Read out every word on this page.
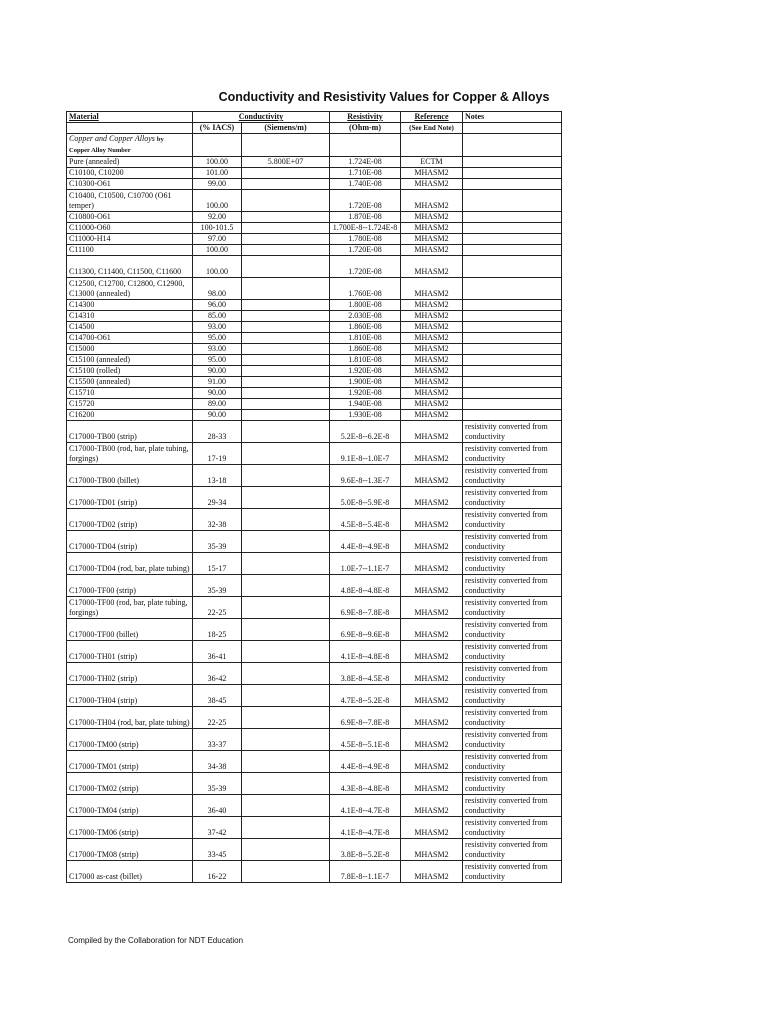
Conductivity and Resistivity Values for Copper & Alloys
Material	Conductivity		Resistivity	Reference	Notes
	(% IACS)	(Siemens/m)	(Ohm-m)	(See End Note)	
Copper and Copper Alloys by
Copper Alloy Number					
Pure (annealed)	100.00	5.800E+07	1.724E-08	ECTM	
C10100, C10200	101.00		1.710E-08	MHASM2	
C10300-O61	99.00		1.740E-08	MHASM2	
C10400, C10500, C10700 (O61 temper)	100.00		1.720E-08	MHASM2	
C10800-O61	92.00		1.870E-08	MHASM2	
C11000-O60	100-101.5		1.700E-8--1.724E-8	MHASM2	
C11000-H14	97.00		1.780E-08	MHASM2	
C11100	100.00		1.720E-08	MHASM2	
C11300, C11400, C11500, C11600	100.00		1.720E-08	MHASM2	
C12500, C12700, C12800, C12900, C13000 (annealed)	98.00		1.760E-08	MHASM2	
C14300	96.00		1.800E-08	MHASM2	
C14310	85.00		2.030E-08	MHASM2	
C14500	93.00		1.860E-08	MHASM2	
C14700-O61	95.00		1.810E-08	MHASM2	
C15000	93.00		1.860E-08	MHASM2	
C15100 (annealed)	95.00		1.810E-08	MHASM2	
C15100 (rolled)	90.00		1.920E-08	MHASM2	
C15500 (annealed)	91.00		1.900E-08	MHASM2	
C15710	90.00		1.920E-08	MHASM2	
C15720	89.00		1.940E-08	MHASM2	
C16200	90.00		1.930E-08	MHASM2	
C17000-TB00 (strip)	28-33		5.2E-8--6.2E-8	MHASM2	resistivity converted from conductivity
C17000-TB00 (rod, bar, plate tubing, forgings)	17-19		9.1E-8--1.0E-7	MHASM2	resistivity converted from conductivity
C17000-TB00 (billet)	13-18		9.6E-8--1.3E-7	MHASM2	resistivity converted from conductivity
C17000-TD01 (strip)	29-34		5.0E-8--5.9E-8	MHASM2	resistivity converted from conductivity
C17000-TD02 (strip)	32-38		4.5E-8--5.4E-8	MHASM2	resistivity converted from conductivity
C17000-TD04 (strip)	35-39		4.4E-8--4.9E-8	MHASM2	resistivity converted from conductivity
C17000-TD04 (rod, bar, plate tubing)	15-17		1.0E-7--1.1E-7	MHASM2	resistivity converted from conductivity
C17000-TF00 (strip)	35-39		4.8E-8--4.8E-8	MHASM2	resistivity converted from conductivity
C17000-TF00 (rod, bar, plate tubing, forgings)	22-25		6.9E-8--7.8E-8	MHASM2	resistivity converted from conductivity
C17000-TF00 (billet)	18-25		6.9E-8--9.6E-8	MHASM2	resistivity converted from conductivity
C17000-TH01 (strip)	36-41		4.1E-8--4.8E-8	MHASM2	resistivity converted from conductivity
C17000-TH02 (strip)	36-42		3.8E-8--4.5E-8	MHASM2	resistivity converted from conductivity
C17000-TH04 (strip)	38-45		4.7E-8--5.2E-8	MHASM2	resistivity converted from conductivity
C17000-TH04 (rod, bar, plate tubing)	22-25		6.9E-8--7.8E-8	MHASM2	resistivity converted from conductivity
C17000-TM00 (strip)	33-37		4.5E-8--5.1E-8	MHASM2	resistivity converted from conductivity
C17000-TM01 (strip)	34-38		4.4E-8--4.9E-8	MHASM2	resistivity converted from conductivity
C17000-TM02 (strip)	35-39		4.3E-8--4.8E-8	MHASM2	resistivity converted from conductivity
C17000-TM04 (strip)	36-40		4.1E-8--4.7E-8	MHASM2	resistivity converted from conductivity
C17000-TM06 (strip)	37-42		4.1E-8--4.7E-8	MHASM2	resistivity converted from conductivity
C17000-TM08 (strip)	33-45		3.8E-8--5.2E-8	MHASM2	resistivity converted from conductivity
C17000 as-cast (billet)	16-22		7.8E-8--1.1E-7	MHASM2	resistivity converted from conductivity
Compiled by the Collaboration for NDT Education
